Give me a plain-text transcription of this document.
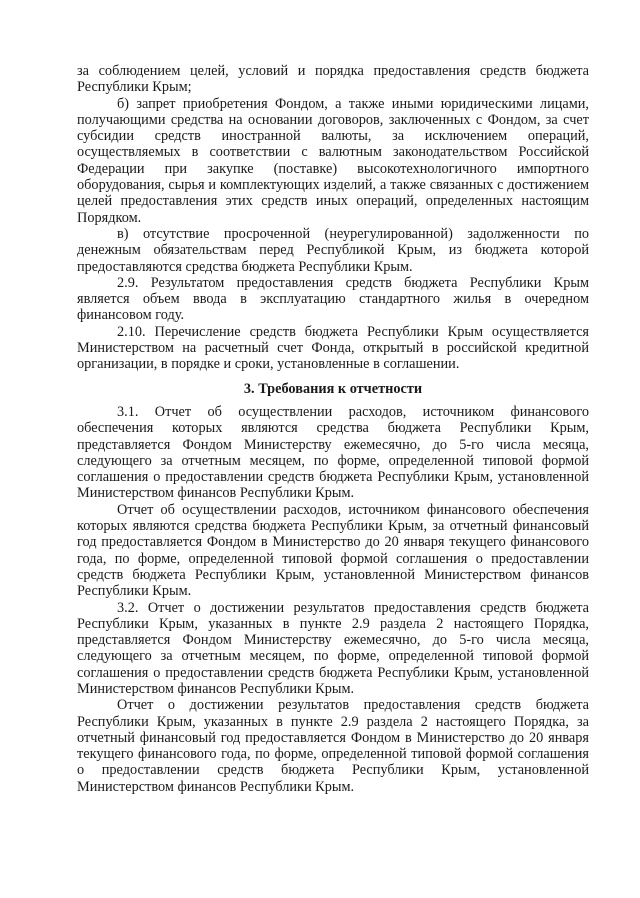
за соблюдением целей, условий и порядка предоставления средств бюджета Республики Крым;

б) запрет приобретения Фондом, а также иными юридическими лицами, получающими средства на основании договоров, заключенных с Фондом, за счет субсидии средств иностранной валюты, за исключением операций, осуществляемых в соответствии с валютным законодательством Российской Федерации при закупке (поставке) высокотехнологичного импортного оборудования, сырья и комплектующих изделий, а также связанных с достижением целей предоставления этих средств иных операций, определенных настоящим Порядком.

в) отсутствие просроченной (неурегулированной) задолженности по денежным обязательствам перед Республикой Крым, из бюджета которой предоставляются средства бюджета Республики Крым.

2.9. Результатом предоставления средств бюджета Республики Крым является объем ввода в эксплуатацию стандартного жилья в очередном финансовом году.

2.10. Перечисление средств бюджета Республики Крым осуществляется Министерством на расчетный счет Фонда, открытый в российской кредитной организации, в порядке и сроки, установленные в соглашении.

3. Требования к отчетности

3.1. Отчет об осуществлении расходов, источником финансового обеспечения которых являются средства бюджета Республики Крым, представляется Фондом Министерству ежемесячно, до 5-го числа месяца, следующего за отчетным месяцем, по форме, определенной типовой формой соглашения о предоставлении средств бюджета Республики Крым, установленной Министерством финансов Республики Крым.

Отчет об осуществлении расходов, источником финансового обеспечения которых являются средства бюджета Республики Крым, за отчетный финансовый год предоставляется Фондом в Министерство до 20 января текущего финансового года, по форме, определенной типовой формой соглашения о предоставлении средств бюджета Республики Крым, установленной Министерством финансов Республики Крым.

3.2. Отчет о достижении результатов предоставления средств бюджета Республики Крым, указанных в пункте 2.9 раздела 2 настоящего Порядка, представляется Фондом Министерству ежемесячно, до 5-го числа месяца, следующего за отчетным месяцем, по форме, определенной типовой формой соглашения о предоставлении средств бюджета Республики Крым, установленной Министерством финансов Республики Крым.

Отчет о достижении результатов предоставления средств бюджета Республики Крым, указанных в пункте 2.9 раздела 2 настоящего Порядка, за отчетный финансовый год предоставляется Фондом в Министерство до 20 января текущего финансового года, по форме, определенной типовой формой соглашения о предоставлении средств бюджета Республики Крым, установленной Министерством финансов Республики Крым.
